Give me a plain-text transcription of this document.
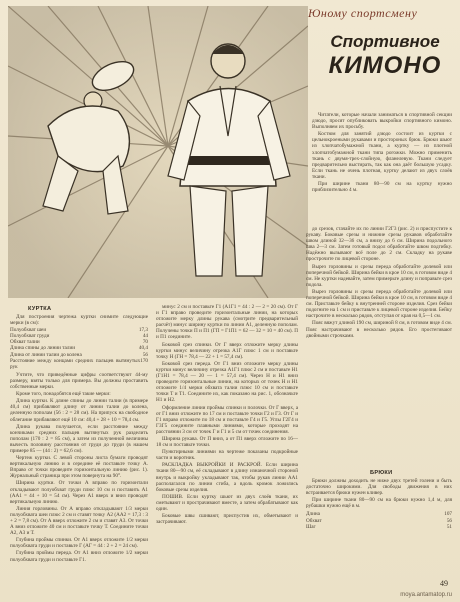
Юному спортсмену
Спортивное
КИМОНО

Читатели, которые начали заниматься в спортивной секции дзюдо, просят опубликовать выкройки спортивного кимоно. Выполняем их просьбу.

Костюм для занятий дзюдо состоит из куртки с цельнокроеными рукавами и простороных брюк. Брюки шьют из хлопчатобумажной ткани, а куртку — из плотной хлопчатобумажной ткани типа рогожки. Можно применить ткань с двумя-трех-слойную, фланелевую. Ткани следует предварительно выстирать, так как она даёт большую усадку. Если ткань не очень плотная, куртку делают из двух слоёв ткани.

При ширине ткани 80—90 см на куртку нужно приблизительно 4 м.

КУРТКА

Для построения чертежа куртки снимите следующие мерки (в см):

Полуобхват шеи	17,3
Полуобхват груди	44
Обхват талии	70
Длина спины до линии талии	40,4
Длина от линии талии до колена	56
Расстояние между концами средних пальцев вытянутых рук
170

Учтите, что приведённые цифры соответствуют 44-му размеру, взяты только для примера. Вы должны проставить собственные мерки.

Кроме того, понадобятся ещё такие мерки:

Длина куртки. К длине спины до линии талии (в примере 40,4 см) прибавляют длину от линии талии до колена, деленную пополам (56 : 2 = 28 см). На припуск на свободное облегание прибавляют ещё 10 см: 40,4 + 28 + 10 = 78,4 см.

Длина рукава получается, если расстояние между кончиками средних пальцев вытянутых рук разделить пополам (170 : 2 = 85 см), а затем из полученной величины вычесть половину расстояния от груди до груди (в нашем примере 85 — (44 : 2) = 62,6 см).

Чертеж куртки. С левой стороны листа бумаги проводят вертикальную линию и в середине её поставьте точку А. Вправо от точки проведите горизонтальную линию (рис. 1). Журнальный страница при этом повернута на 90°.

Ширина куртки. От точки А вправо по горизонтали откладывают полуобхват груди плюс 10 см и поставить А1 (АА1 = 44 + 10 = 54 см). Через А1 вверх и вниз проводят вертикальную линию.

Линия горловины. От А вправо откладывают 1/3 мерки полуобхвата шеи плюс 2 см и ставят точку А2 (АА2 = 17,3 : 3 + 2 = 7,8 см). От А вверх отложите 2 см и ставят А3. От точки А вниз отложите 40 см и поставьте точку Т. Соедините точки А2, А3 и Т.

Глубина проймы спинки. От А1 вверх отложите 1/2 мерки полуобхвата груди и поставьте Г (АГ = 44 : 2 + 2 = 24 см).

Глубина проймы переда. От А1 вниз отложите 1/2 мерки полуобхвата груди и поставьте Г1.

минус 2 см и поставьте Г1 (А1Г1 = 44 : 2 — 2 = 20 см). От Г и Г1 вправо проведите горизонтальные линии, на которых отложите мерку длины рукава (смотрите предварительный расчёт) минус ширину куртки по линии А1, деленную пополам. Получены точки П и П1 (ГП = Г1П1 = 62 — 32 = 10 = 40 см). П и П1 соедините.

Боковой срез спинки. От Г вверх отложите мерку длины куртки минус величину отрезка А1Г плюс 1 см и поставьте точку Н (ГН = 78,4 — 22 + 1 = 57,4 см).

Боковой срез переда. От Г1 вниз отложите мерку длины куртки минус величину отрезка А1Г1 плюс 2 см и поставьте Н1 (Г1Н1 = 78,4 — 20 — 1 = 57,4 см). Через Н и Н1 вниз проведите горизонтальные линии, на которых от точек Н и Н1 отложите 1/4 мерки обхвата талии плюс 10 см и поставьте точки Т и Т1. Соедините их, как показано на рис. 1, обозначьте Н1 и Н2.

Оформление линии проймы спинки и полочки. От Г вверх, а от Г1 вниз отложите по 17 см и поставьте точки Г2 и Г3. От Г и Г1 вправо отложите по 18 см и поставьте Г4 и Г5. Углы Г2Г4 и Г3Г5 соедините плавными линиями, которые проходят на расстоянии 3 см от точек Г и Г1 и 5 см от точек соединения.

Ширина рукава. От П вниз, а от П1 вверх отложите по 16—18 см и поставьте точки.

Пунктирными линиями на чертеже показаны подкройные части и воротник.

РАСКЛАДКА ВЫКРОЙКИ И РАСКРОЙ. Если ширина ткани 80—90 см, её складывают в длину изнаночной стороной внутрь и выкройку укладывают так, чтобы рукав линии АА1 располагался по линии сгиба, а вдоль кромок ложились боковые срезы изделия.

ПОШИВ. Если куртку шьют из двух слоёв ткани, их сметывают и прострачивают вместе, а затем обрабатывают как один.

Боковые швы сшивают, приспустив их, обметывают и застрачивают.

до срезов, стачайте их по линии Г2Г3 (рис. 2) и приспустите к рукаву. Боковые срезы и нижние срезы рукавов обработайте швом длиной 32—36 см, а внизу до 6 см. Ширина подольного шва 2—3 см. Затем готовый подол обработайте швом подгибку. Надёжно вызывают всё поле до 2 см. Складку на рукаве прострочите по лицевой стороне.

Вырез горловины и срезы переда обработайте долевой или поперечной бейкой. Ширина бейки в крое 10 см, в готовом виде 4 см. Не куртки надевайте, затем примерьте длину и поправьте срез подола.

Вырез горловины и срезы переда обработайте долевой или поперечной бейкой. Ширина бейки в крое 10 см, в готовом виде 4 см. Приставьте бейку к внутренней стороне изделия. Срез бейки подогните на 1 см и приставьте к лицевой стороне изделия. Бейку настрочите в несколько рядов, отступая от края на 0,5—1 см.

Пояс вяжут длиной 190 см, шириной 8 см, в готовом виде 4 см. Пояс настрачивают в несколько рядов. Его простегивают двойными строчками.

БРЮКИ

Брюки должны доходить не ниже двух третей голени и быть достаточно широкими. Для свободы движения в них встраивается брюки нужен кливер.

При ширине ткани 80—90 см на брюки нужно 1,4 м, для рубашки нужно ещё в м.

Длина	107
Обхват	56
Шаг	51
49
moya.antamatop.ru
